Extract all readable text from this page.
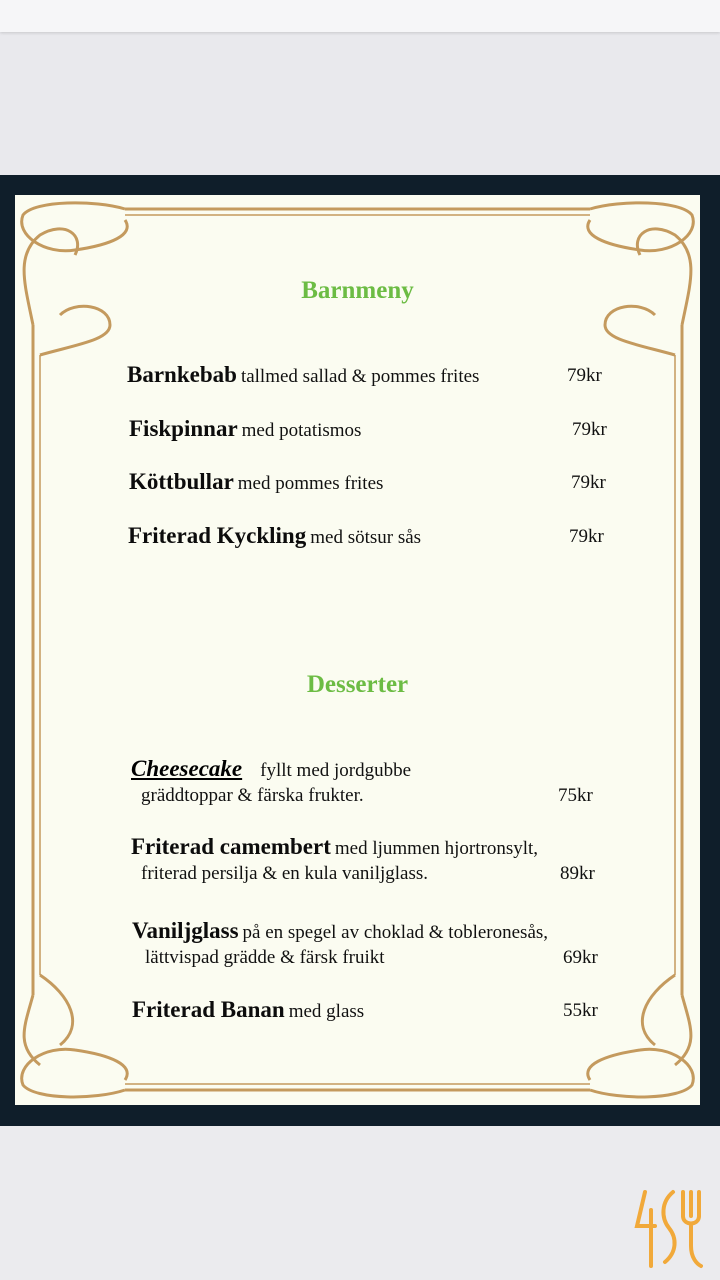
Barnmeny
Barnkebab tallmed sallad & pommes frites	79kr
Fiskpinnar med potatismos	79kr
Köttbullar med pommes frites	79kr
Friterad Kyckling med sötsur sås	79kr
Desserter
Cheesecake fyllt med jordgubbe
gräddtoppar & färska frukter.	75kr
Friterad camembert med ljummen hjortronsylt,
friterad persilja & en kula vaniljglass.	89kr
Vaniljglass på en spegel av choklad & tobleronesås,
lättvispad grädde & färsk fruikt	69kr
Friterad Banan med glass	55kr
